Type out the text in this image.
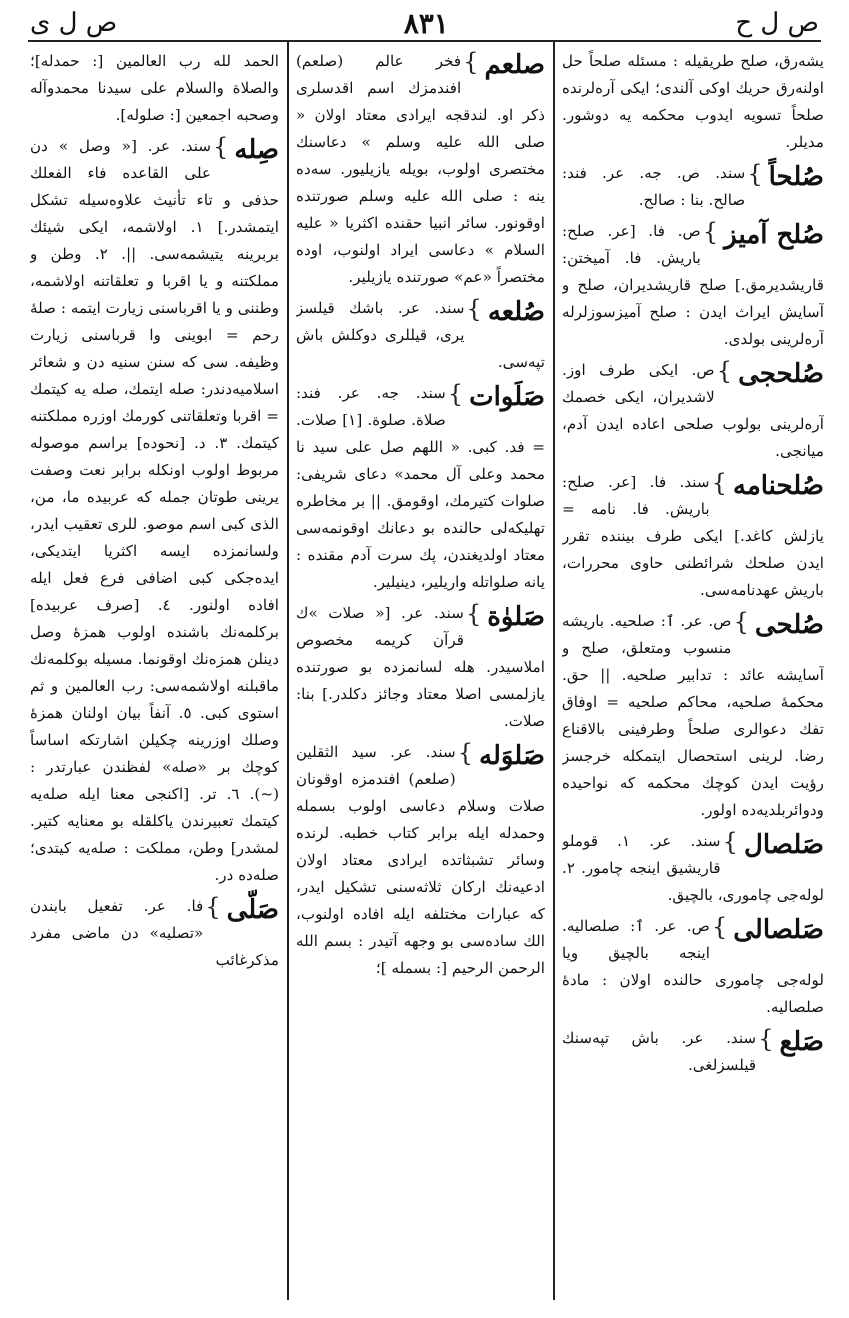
ص ل ى	٨٣١	ص ل ح
یشەرق، صلح طریقیله : مسئله صلحاً حل اولنەرق حریك اوكی آلندی؛ ایکی آرەلرندە صلحاً تسویه ایدوب محکمه یه دوشور. مدیلر.
صُلحاً
}
سند. ص. جه. عر. فند: صالح. بنا : صالح.
صُلح آمیز
}
ص. فا. [عر. صلح: باریش. فا. آمیختن: قاریشدیرمق.] صلح قاریشدیران، صلح و آسایش ایراث ایدن : صلح آمیزسوزلرله آرەلرینی بولدی.
صُلحجی
}
ص. ایکی طرف اوز. لاشدیران، ایکی خصمك آرەلرینی بولوب صلحی اعادە ایدن آدم، میانجی.
صُلحنامه
}
سند. فا. [عر. صلح: باریش. فا. نامه = یازلش کاغد.] ایکی طرف بیننده تقرر ایدن صلحك شرائطنی حاوی محررات، باریش عهدنامەسی.
صُلحی
}
ص. عر. ٱ: صلحیه. باریشه منسوب ومتعلق، صلح و آسایشه عائد : تدابیر صلحیه. || حق. محکمهٔ صلحیه، محاکم صلحیه = اوفاق تفك دعوالری صلحاً وطرفینی بالاقناع رضا. لرینی استحصال ایتمکله خرجسز رؤیت ایدن کوچك محکمه که نواحیده ودوائربلدیەده اولور.
صَلصال
}
سند. عر. ١. قوملو قاریشیق اینجه چامور. ٢. لوله‌جی چاموری، بالچیق.
صَلصالی
}
ص. عر. ٱ: صلصالیه. اینجه بالچیق ویا لوله‌جی چاموری حالنده اولان : مادهٔ صلصالیه.
صَلع
}
سند. عر. باش تپەسنك قیلسزلغی.
صلعم
}
فخر عالم (صلعم) افندمزك اسم اقدسلری ذکر او. لندقجه ایرادی معتاد اولان « صلی الله علیه وسلم » دعاسنك مختصری اولوب، بویله یازیلیور. سەدە ینه : صلی الله علیه وسلم صورتنده اوقونور. سائر انبیا حقنده اکثریا « علیه السلام » دعاسی ایراد اولنوب، اوده مختصراً «عم» صورتنده یازیلیر.
صُلعه
}
سند. عر. باشك قیلسز یری، قیللری دوکلش باش تپەسی.
صَلَوات
}
سند. جه. عر. فند: صلاة. صلوة. [١] صلات. = فد. کبی. « اللهم صل علی سید نا محمد وعلی آل محمد» دعای شریفی: صلوات کتیرمك، اوقومق. || بر مخاطره تهلیکەلی حالنده بو دعانك اوقونمەسی معتاد اولدیغندن، پك سرت آدم مقنده : یانه صلواتله واریلیر، دینیلیر.
صَلوٰة
}
سند. عر. [« صلات »ك قرآن کریمه مخصوص املاسیدر. هله لسانمزده بو صورتنده یازلمسی اصلا معتاد وجائز دکلدر.] بنا: صلات.
صَلوَله
}
سند. عر. سید الثقلین (صلعم) افندمزه اوقونان صلات وسلام دعاسی اولوب بسمله وحمدله ایله برابر کتاب خطبه. لرنده وسائر تشبثاتده ایرادی معتاد اولان ادعیەنك ارکان ثلاثەسنی تشکیل ایدر، که عبارات مختلفه ایله افاده اولنوب، الك سادەسی بو وجهه آتیدر : بسم الله الرحمن الرحیم [: بسمله ]؛
الحمد لله رب العالمین [: حمدله]؛ والصلاة والسلام علی سیدنا محمدوآله وصحبه اجمعین [: صلوله].
صِله
}
سند. عر. [« وصل » دن علی القاعده فاء الفعلك حذفی و تاء تأنیث علاوەسیله تشکل ایتمشدر.] ١. اولاشمه، ایکی شیئك بربرینه یتیشمەسی. ||. ٢. وطن و مملکتنه و یا اقربا و تعلقاتنه اولاشمه، وطننی و یا اقرباسنی زیارت ایتمه : صلهٔ رحم = ابوینی وا قرباسنی زیارت وظیفه. سی که سنن سنیه دن و شعائر اسلامیەدندر: صله ایتمك، صله یه کیتمك = اقربا وتعلقاتنی کورمك اوزره مملکتنه کیتمك. ٣. د. [نحوده] براسم موصوله مربوط اولوب اونکله برابر نعت وصفت یرینی طوتان جمله که عربیده ما، من، الذی کبی اسم موصو. للری تعقیب ایدر، ولسانمزده ایسه اکثریا ایتدیکی، ایده‌جکی کبی اضافی فرع فعل ایله افاده اولنور. ٤. [صرف عربیده] برکلمه‌نك باشنده اولوب همزهٔ وصل دینلن همزه‌نك اوقونما. مسیله بوکلمه‌نك ماقبلنه اولاشمەسی: رب العالمین و ثم استوی کبی. ٥. آنفاً بیان اولنان همزهٔ وصلك اوزرینه چکیلن اشارتکه اساساً کوچك بر «صله» لفظندن عبارتدر : (~). ٦. تر. [اکنجی معنا ایله صله‌یه کیتمك تعبیرندن یاکلقله بو معنایه کتیر. لمشدر] وطن، مملکت : صله‌یه کیتدی؛ صلەده در.
صَلّی
}
فا. عر. تفعیل بابندن «تصلیه» دن ماضی مفرد مذکرغائب
